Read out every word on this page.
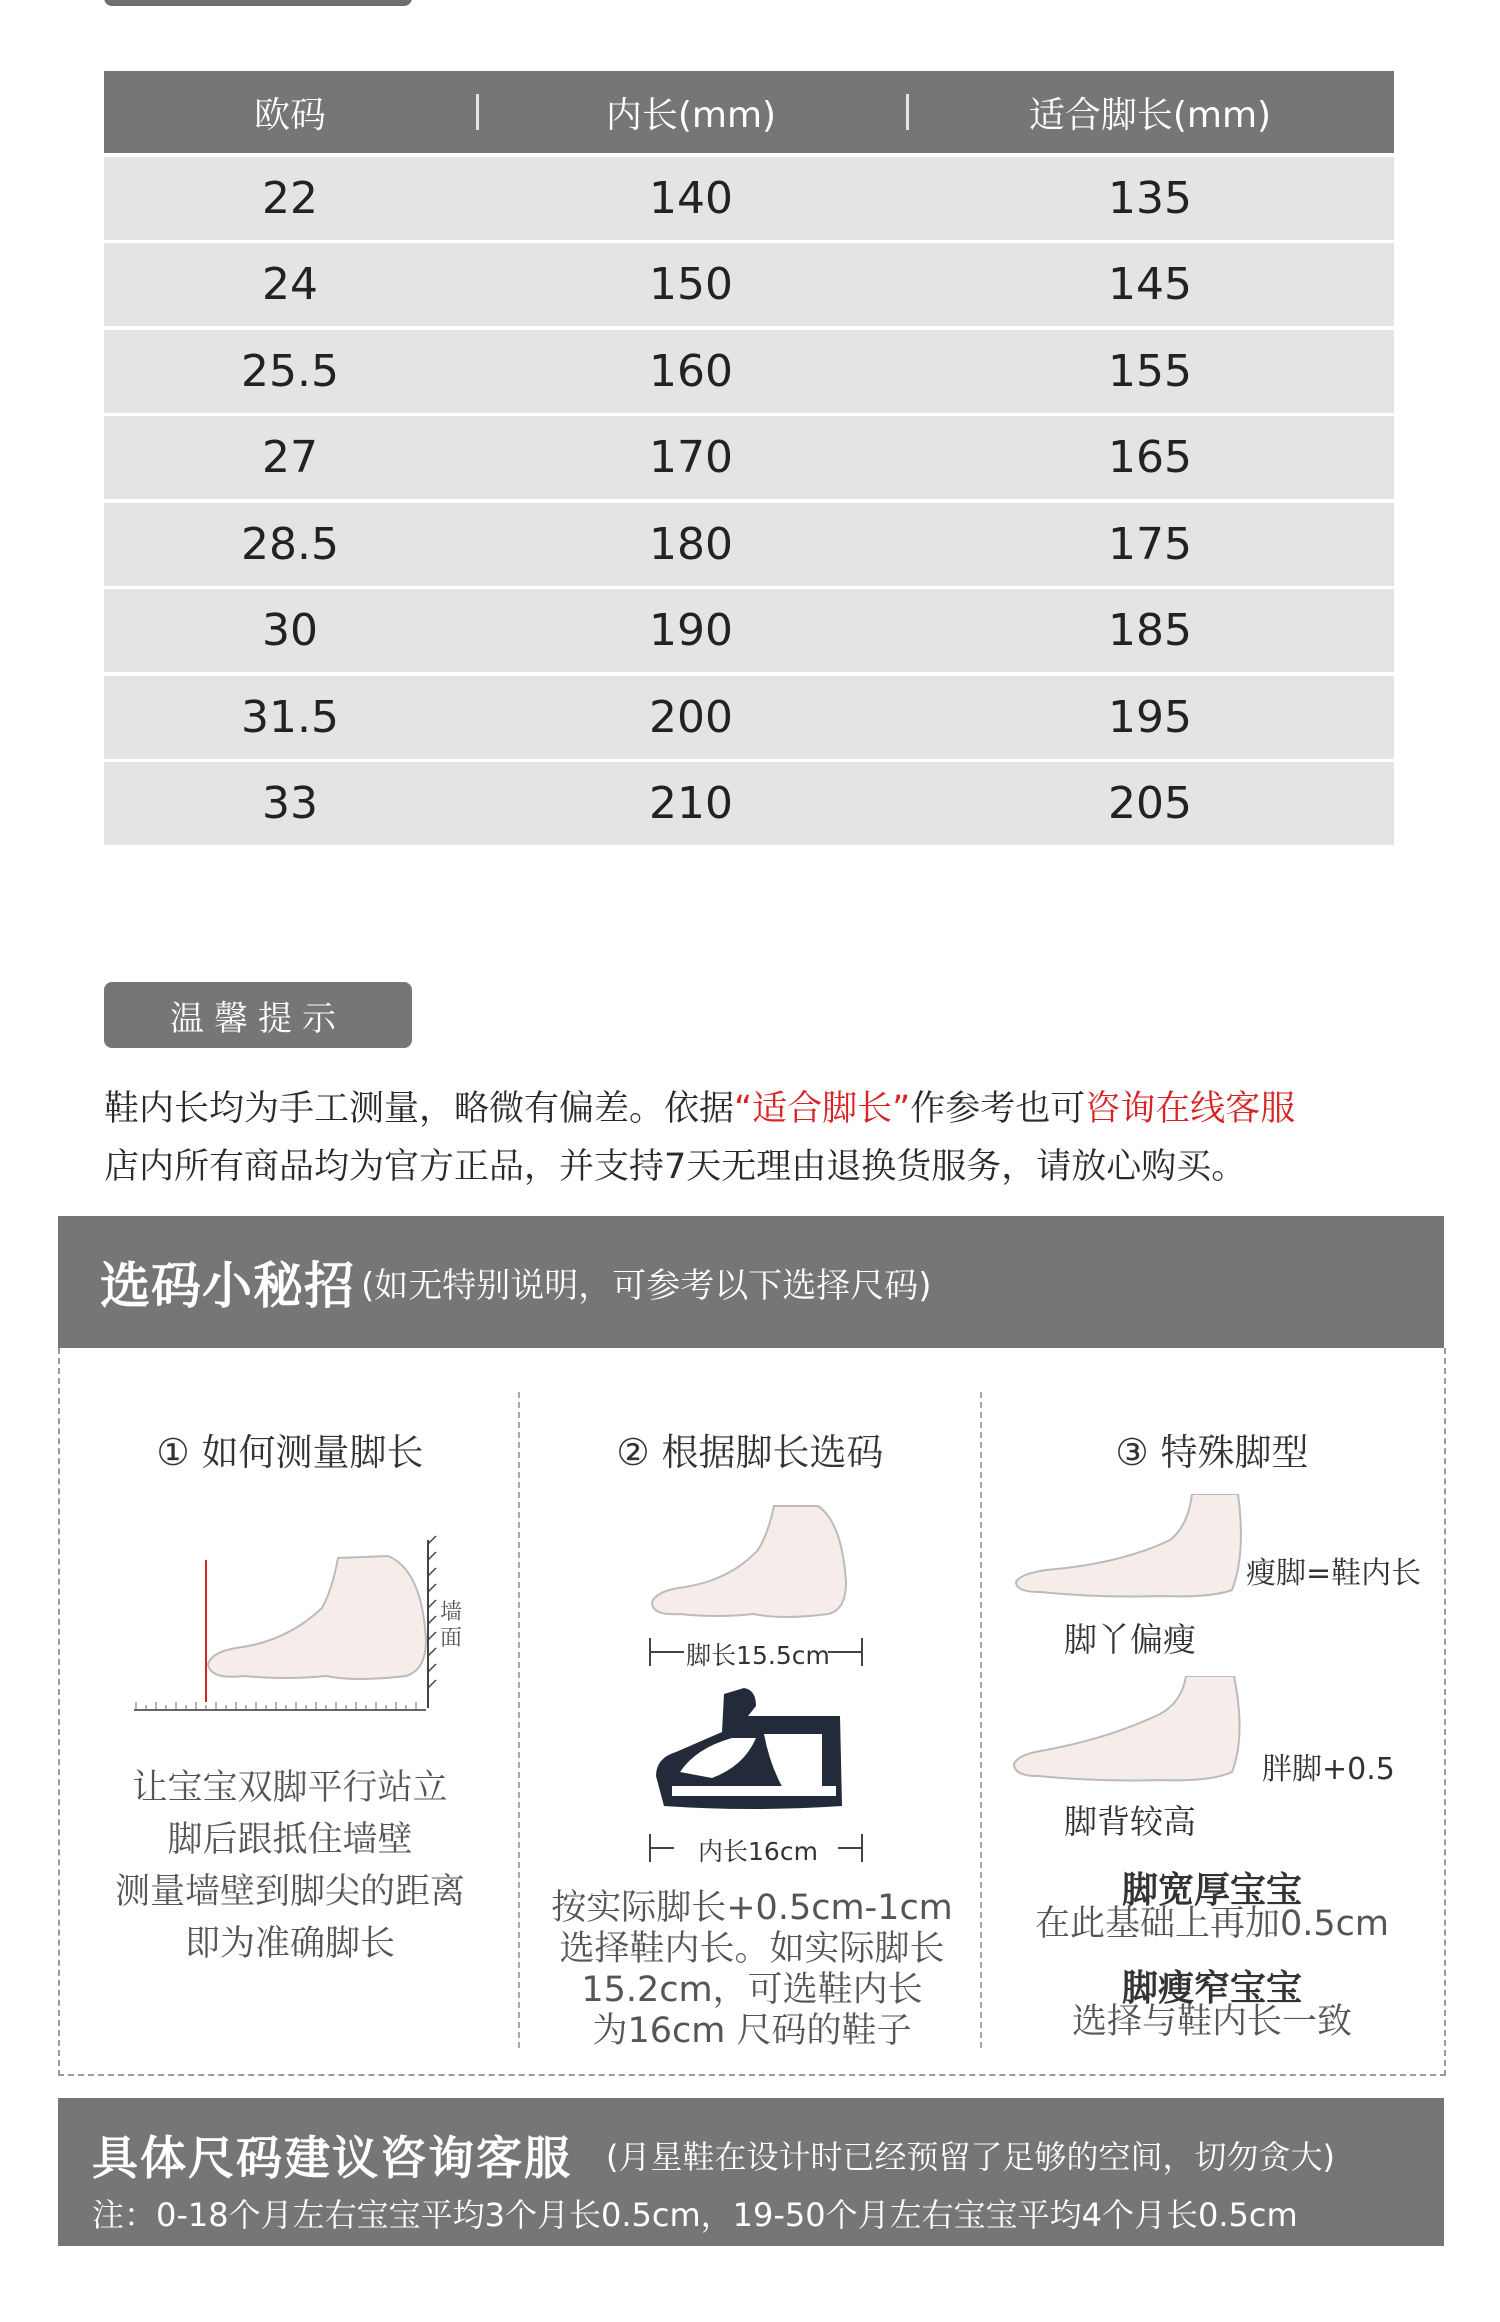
欧码	内长(mm)	适合脚长(mm)
22	140	135
24	150	145
25.5	160	155
27	170	165
28.5	180	175
30	190	185
31.5	200	195
33	210	205
温馨提示
鞋内长均为手工测量，略微有偏差。依据“适合脚长”作参考也可咨询在线客服
店内所有商品均为官方正品，并支持7天无理由退换货服务，请放心购买。
选码小秘招 (如无特别说明，可参考以下选择尺码)
① 如何测量脚长
墙面
让宝宝双脚平行站立
脚后跟抵住墙壁
测量墙壁到脚尖的距离
即为准确脚长
② 根据脚长选码
脚长15.5cm
内长16cm
按实际脚长+0.5cm-1cm
选择鞋内长。如实际脚长
15.2cm，可选鞋内长
为16cm 尺码的鞋子
③ 特殊脚型
瘦脚=鞋内长
脚丫偏瘦
胖脚+0.5
脚背较高
脚宽厚宝宝
在此基础上再加0.5cm
脚瘦窄宝宝
选择与鞋内长一致
具体尺码建议咨询客服 (月星鞋在设计时已经预留了足够的空间，切勿贪大)
注：0-18个月左右宝宝平均3个月长0.5cm，19-50个月左右宝宝平均4个月长0.5cm
